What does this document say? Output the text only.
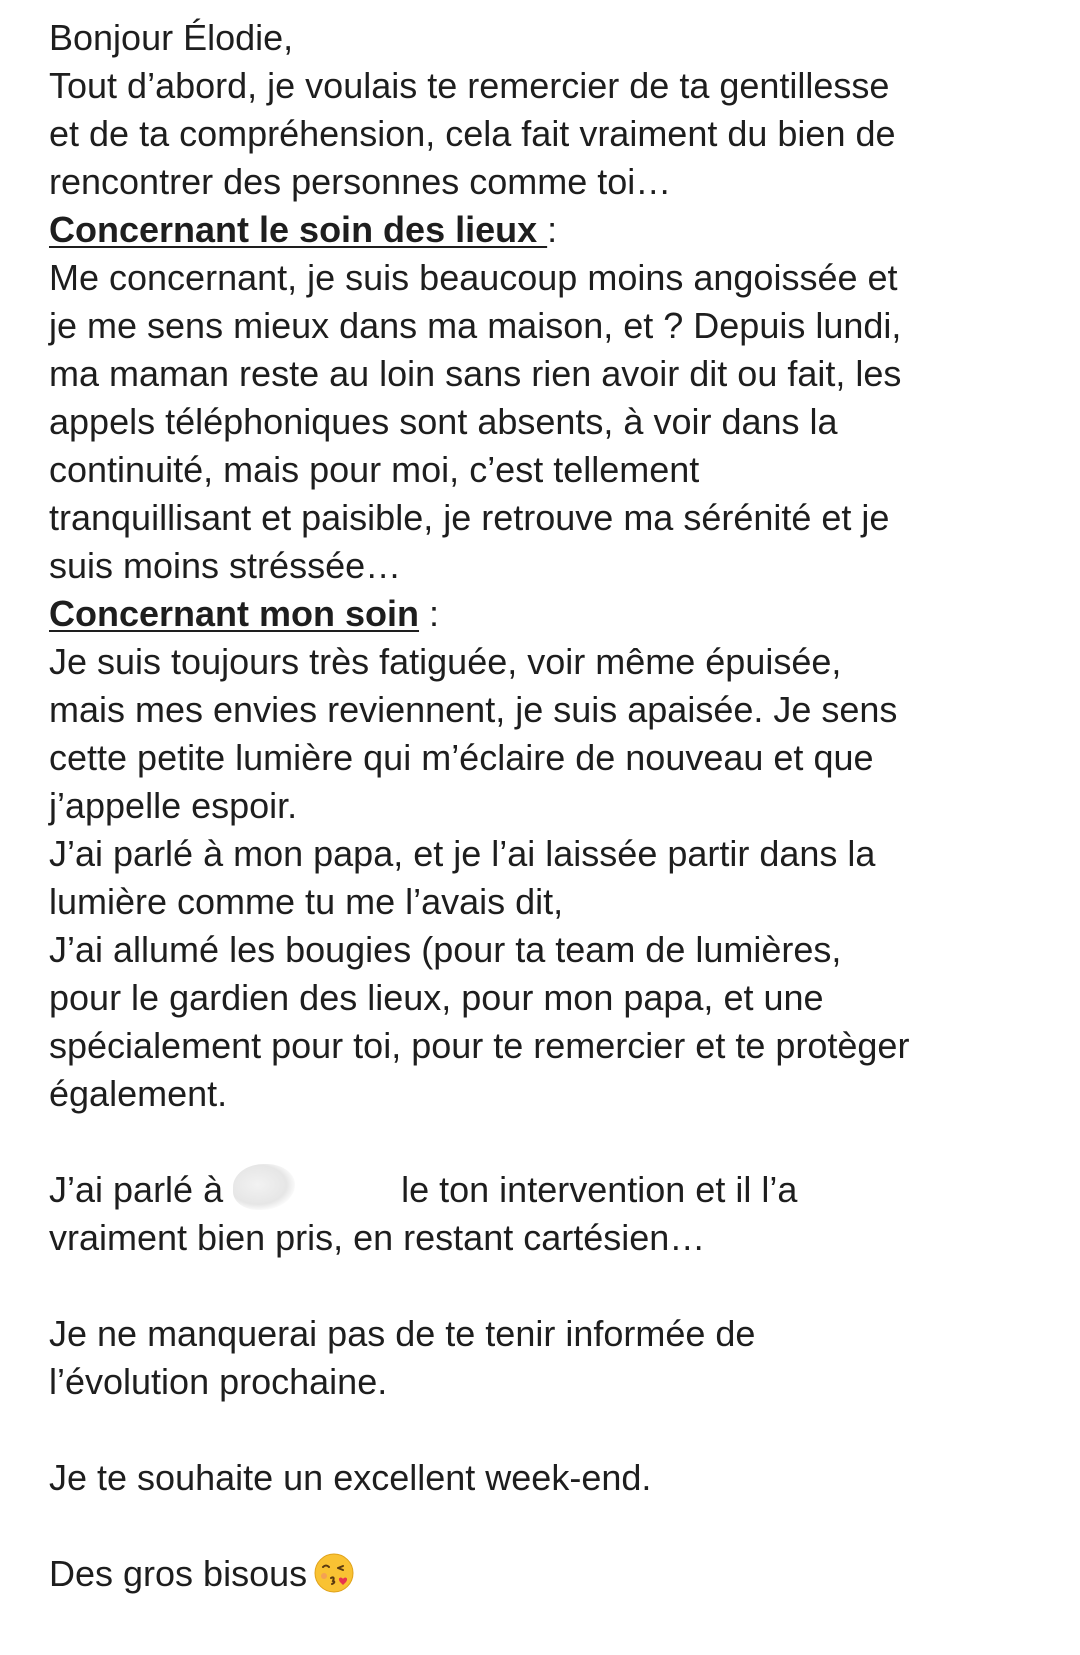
Bonjour Élodie,
Tout d’abord, je voulais te remercier de ta gentillesse
et de ta compréhension, cela fait vraiment du bien de
rencontrer des personnes comme toi…
Concernant le soin des lieux :
Me concernant, je suis beaucoup moins angoissée et
je me sens mieux dans ma maison, et ? Depuis lundi,
ma maman reste au loin sans rien avoir dit ou fait, les
appels téléphoniques sont absents, à voir dans la
continuité, mais pour moi, c’est tellement
tranquillisant et paisible, je retrouve ma sérénité et je
suis moins stréssée…
Concernant mon soin :
Je suis toujours très fatiguée, voir même épuisée,
mais mes envies reviennent, je suis apaisée. Je sens
cette petite lumière qui m’éclaire de nouveau et que
j’appelle espoir.
J’ai parlé à mon papa, et je l’ai laissée partir dans la
lumière comme tu me l’avais dit,
J’ai allumé les bougies (pour ta team de lumières,
pour le gardien des lieux, pour mon papa, et une
spécialement pour toi, pour te remercier et te protèger
également.
J’ai parlé à	le ton intervention et il l’a
vraiment bien pris, en restant cartésien…
Je ne manquerai pas de te tenir informée de
l’évolution prochaine.
Je te souhaite un excellent week-end.
Des gros bisous
